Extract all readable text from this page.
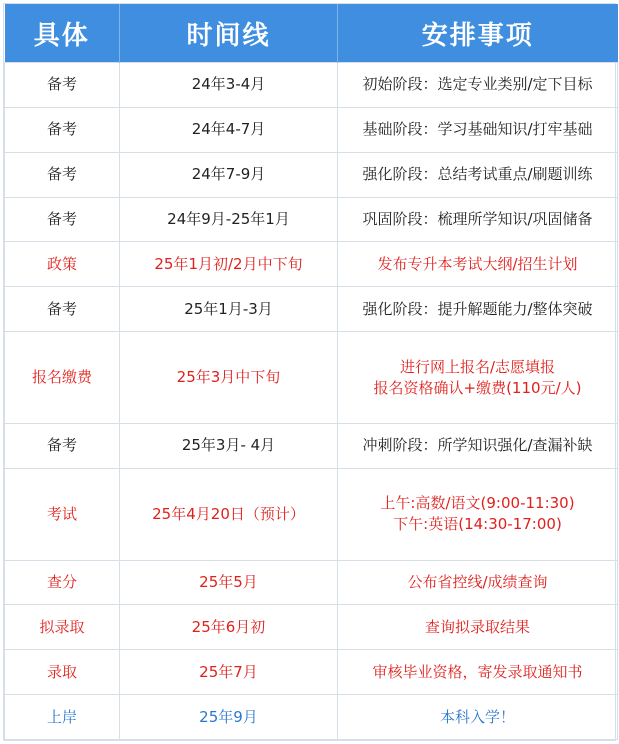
具体	时间线	安排事项
备考	24年3-4月	初始阶段：选定专业类别/定下目标

备考	24年4-7月	基础阶段：学习基础知识/打牢基础

备考	24年7-9月	强化阶段：总结考试重点/刷题训练

备考	24年9月-25年1月	巩固阶段：梳理所学知识/巩固储备

政策	25年1月初/2月中下旬	发布专升本考试大纲/招生计划

备考	25年1月-3月	强化阶段：提升解题能力/整体突破

报名缴费	25年3月中下旬	进行网上报名/志愿填报
报名资格确认+缴费(110元/人)

备考	25年3月- 4月	冲刺阶段：所学知识强化/查漏补缺

考试	25年4月20日（预计）	上午:高数/语文(9:00-11:30)
下午:英语(14:30-17:00)

查分	25年5月	公布省控线/成绩查询

拟录取	25年6月初	查询拟录取结果

录取	25年7月	审核毕业资格，寄发录取通知书

上岸	25年9月	本科入学！
